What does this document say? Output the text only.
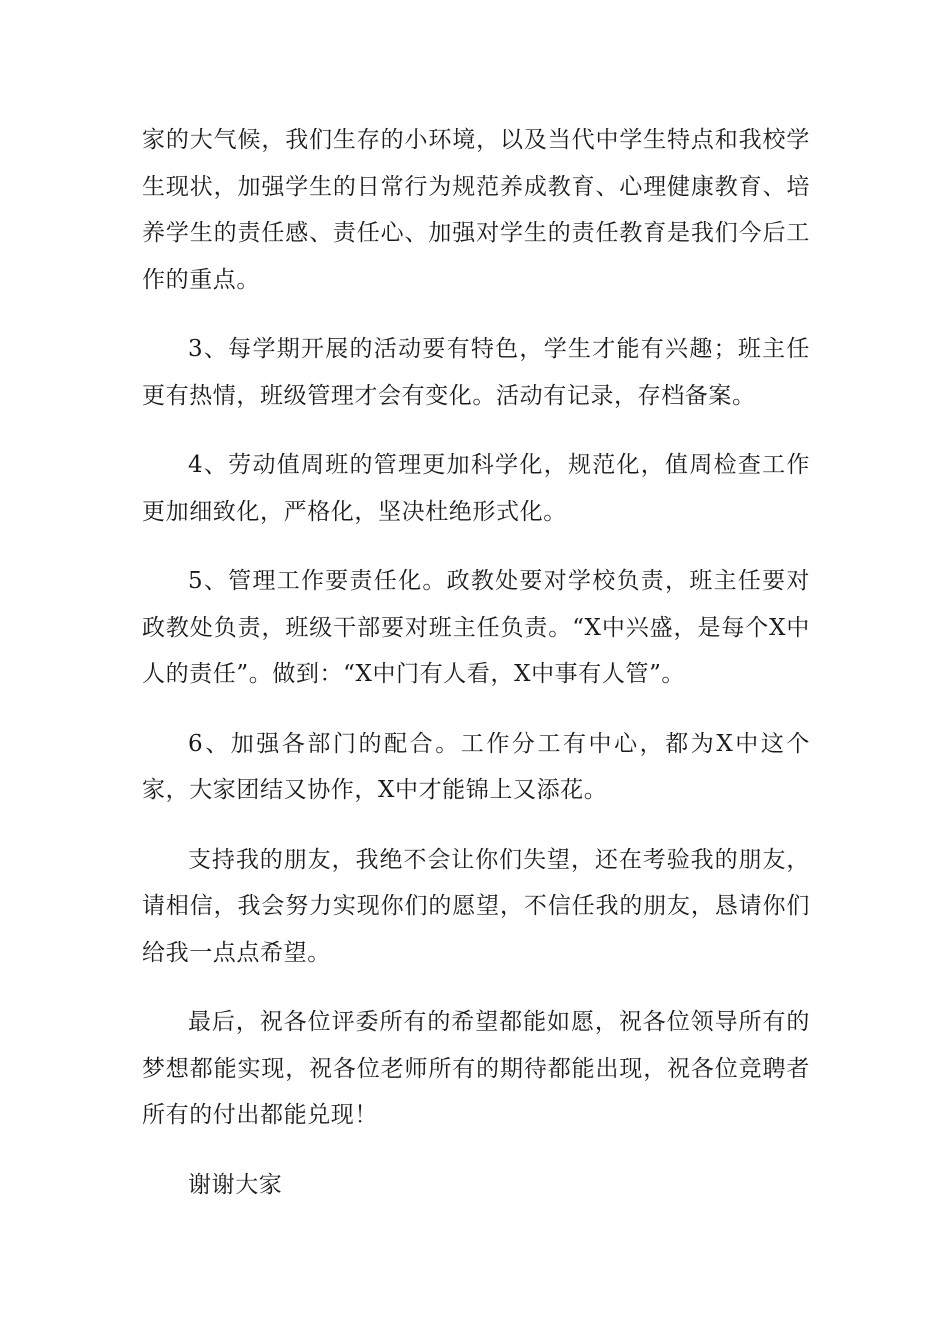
家的大气候，我们生存的小环境，以及当代中学生特点和我校学生现状，加强学生的日常行为规范养成教育、心理健康教育、培养学生的责任感、责任心、加强对学生的责任教育是我们今后工作的重点。

3、每学期开展的活动要有特色，学生才能有兴趣；班主任更有热情，班级管理才会有变化。活动有记录，存档备案。

4、劳动值周班的管理更加科学化，规范化，值周检查工作更加细致化，严格化，坚决杜绝形式化。

5、管理工作要责任化。政教处要对学校负责，班主任要对政教处负责，班级干部要对班主任负责。“X中兴盛，是每个X中人的责任”。做到：“X中门有人看，X中事有人管”。

6、加强各部门的配合。工作分工有中心，都为X中这个家，大家团结又协作，X中才能锦上又添花。

支持我的朋友，我绝不会让你们失望，还在考验我的朋友，请相信，我会努力实现你们的愿望，不信任我的朋友，恳请你们给我一点点希望。

最后，祝各位评委所有的希望都能如愿，祝各位领导所有的梦想都能实现，祝各位老师所有的期待都能出现，祝各位竞聘者所有的付出都能兑现！

谢谢大家
